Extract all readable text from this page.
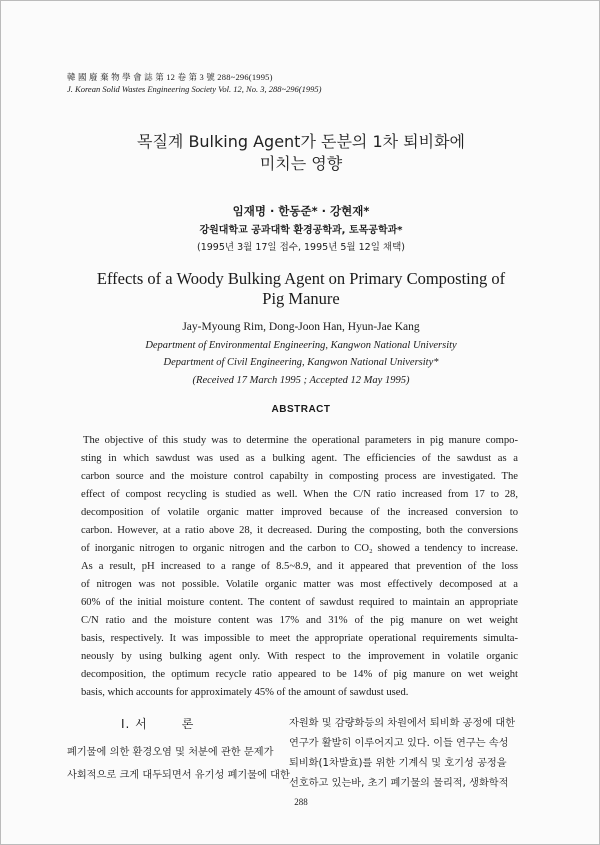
韓 國 廢 棄 物 學 會 誌 第 12 卷 第 3 號 288~296(1995)
J. Korean Solid Wastes Engineering Society Vol. 12, No. 3, 288~296(1995)
목질계 Bulking Agent가 돈분의 1차 퇴비화에
미치는 영향
임재명 · 한동준* · 강현재*
강원대학교 공과대학 환경공학과, 토목공학과*
(1995년 3월 17일 접수, 1995년 5월 12일 채택)
Effects of a Woody Bulking Agent on Primary Composting of
Pig Manure
Jay-Myoung Rim, Dong-Joon Han, Hyun-Jae Kang
Department of Environmental Engineering, Kangwon National University
Department of Civil Engineering, Kangwon National University*
(Received 17 March 1995 ; Accepted 12 May 1995)
ABSTRACT
The objective of this study was to determine the operational parameters in pig manure compo-
sting in which sawdust was used as a bulking agent. The efficiencies of the sawdust as a
carbon source and the moisture control capabilty in composting process are investigated. The
effect of compost recycling is studied as well. When the C/N ratio increased from 17 to 28,
decomposition of volatile organic matter improved because of the increased conversion to
carbon. However, at a ratio above 28, it decreased. During the composting, both the conversions
of inorganic nitrogen to organic nitrogen and the carbon to CO₂ showed a tendency to increase.
As a result, pH increased to a range of 8.5~8.9, and it appeared that prevention of the loss
of nitrogen was not possible. Volatile organic matter was most effectively decomposed at a
60% of the initial moisture content. The content of sawdust required to maintain an appropriate
C/N ratio and the moisture content was 17% and 31% of the pig manure on wet weight
basis, respectively. It was impossible to meet the appropriate operational requirements simulta-
neously by using bulking agent only. With respect to the improvement in volatile organic
decomposition, the optimum recycle ratio appeared to be 14% of pig manure on wet weight
basis, which accounts for approximately 45% of the amount of sawdust used.
I. 서	론
폐기물에 의한 환경오염 및 처분에 관한 문제가
사회적으로 크게 대두되면서 유기성 폐기물에 대한
자원화 및 감량화등의 차원에서 퇴비화 공정에 대한
연구가 활발히 이루어지고 있다. 이들 연구는 속성
퇴비화(1차발효)를 위한 기계식 및 호기성 공정을
선호하고 있는바, 초기 폐기물의 물리적, 생화학적
288
